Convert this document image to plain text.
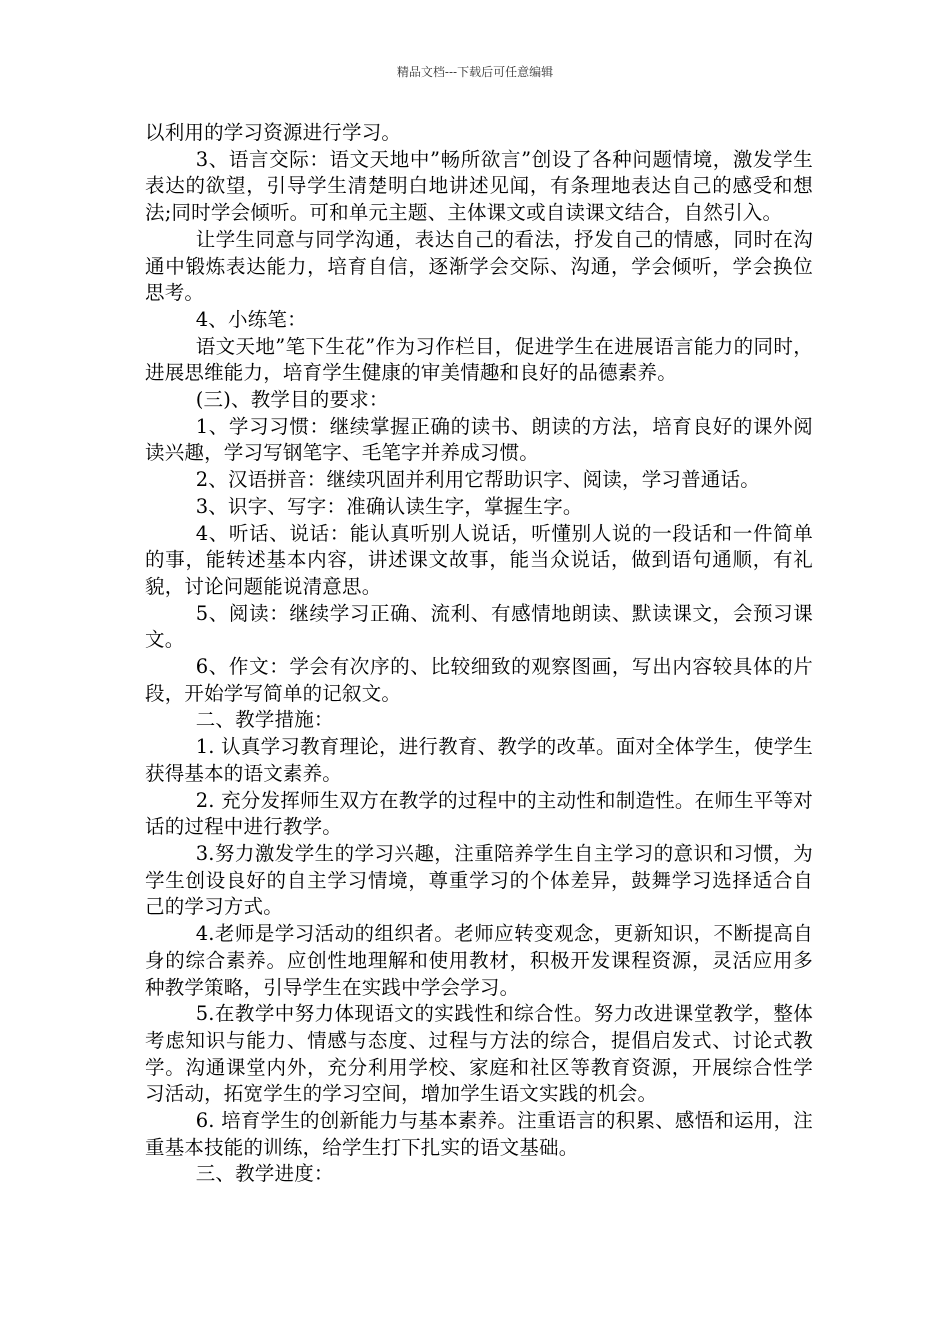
精品文档---下载后可任意编辑

以利用的学习资源进行学习。

3、语言交际：语文天地中”畅所欲言”创设了各种问题情境，激发学生表达的欲望，引导学生清楚明白地讲述见闻，有条理地表达自己的感受和想法;同时学会倾听。可和单元主题、主体课文或自读课文结合，自然引入。

让学生同意与同学沟通，表达自己的看法，抒发自己的情感，同时在沟通中锻炼表达能力，培育自信，逐渐学会交际、沟通，学会倾听，学会换位思考。

4、小练笔：

语文天地”笔下生花”作为习作栏目，促进学生在进展语言能力的同时，进展思维能力，培育学生健康的审美情趣和良好的品德素养。

(三)、教学目的要求：

1、学习习惯：继续掌握正确的读书、朗读的方法，培育良好的课外阅读兴趣，学习写钢笔字、毛笔字并养成习惯。

2、汉语拼音：继续巩固并利用它帮助识字、阅读，学习普通话。

3、识字、写字：准确认读生字，掌握生字。

4、听话、说话：能认真听别人说话，听懂别人说的一段话和一件简单的事，能转述基本内容，讲述课文故事，能当众说话，做到语句通顺，有礼貌，讨论问题能说清意思。

5、阅读：继续学习正确、流利、有感情地朗读、默读课文，会预习课文。

6、作文：学会有次序的、比较细致的观察图画，写出内容较具体的片段，开始学写简单的记叙文。

二、教学措施：

1. 认真学习教育理论，进行教育、教学的改革。面对全体学生，使学生获得基本的语文素养。

2. 充分发挥师生双方在教学的过程中的主动性和制造性。在师生平等对话的过程中进行教学。

3.努力激发学生的学习兴趣，注重陪养学生自主学习的意识和习惯，为学生创设良好的自主学习情境，尊重学习的个体差异，鼓舞学习选择适合自己的学习方式。

4.老师是学习活动的组织者。老师应转变观念，更新知识，不断提高自身的综合素养。应创性地理解和使用教材，积极开发课程资源，灵活应用多种教学策略，引导学生在实践中学会学习。

5.在教学中努力体现语文的实践性和综合性。努力改进课堂教学，整体考虑知识与能力、情感与态度、过程与方法的综合，提倡启发式、讨论式教学。沟通课堂内外，充分利用学校、家庭和社区等教育资源，开展综合性学习活动，拓宽学生的学习空间，增加学生语文实践的机会。

6. 培育学生的创新能力与基本素养。注重语言的积累、感悟和运用，注重基本技能的训练，给学生打下扎实的语文基础。

三、教学进度：
